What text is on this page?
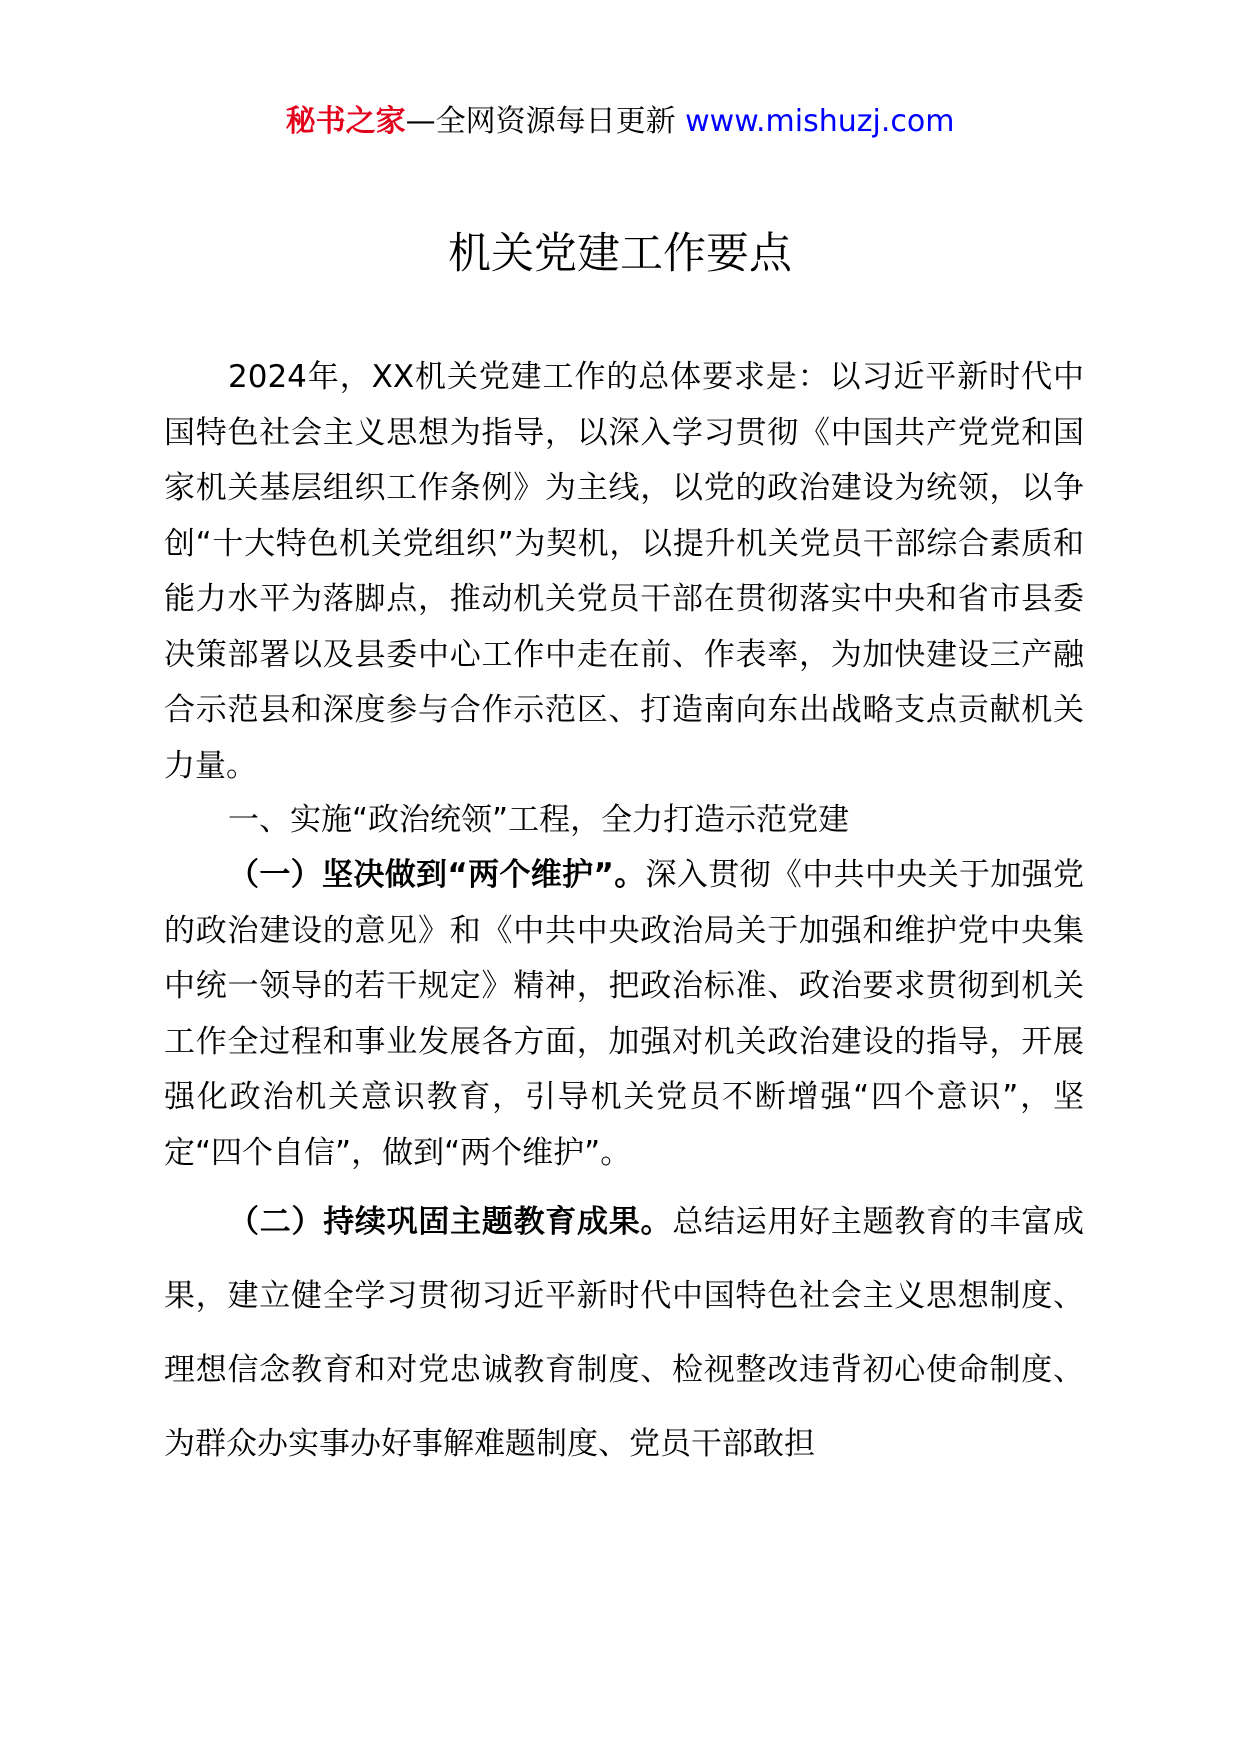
秘书之家—全网资源每日更新 www.mishuzj.com
机关党建工作要点

2024年，XX机关党建工作的总体要求是：以习近平新时代中国特色社会主义思想为指导，以深入学习贯彻《中国共产党党和国家机关基层组织工作条例》为主线，以党的政治建设为统领，以争创“十大特色机关党组织”为契机，以提升机关党员干部综合素质和能力水平为落脚点，推动机关党员干部在贯彻落实中央和省市县委决策部署以及县委中心工作中走在前、作表率，为加快建设三产融合示范县和深度参与合作示范区、打造南向东出战略支点贡献机关力量。

一、实施“政治统领”工程，全力打造示范党建

（一）坚决做到“两个维护”。深入贯彻《中共中央关于加强党的政治建设的意见》和《中共中央政治局关于加强和维护党中央集中统一领导的若干规定》精神，把政治标准、政治要求贯彻到机关工作全过程和事业发展各方面，加强对机关政治建设的指导，开展强化政治机关意识教育，引导机关党员不断增强“四个意识”，坚定“四个自信”，做到“两个维护”。

（二）持续巩固主题教育成果。总结运用好主题教育的丰富成果，建立健全学习贯彻习近平新时代中国特色社会主义思想制度、理想信念教育和对党忠诚教育制度、检视整改违背初心使命制度、为群众办实事办好事解难题制度、党员干部敢担
